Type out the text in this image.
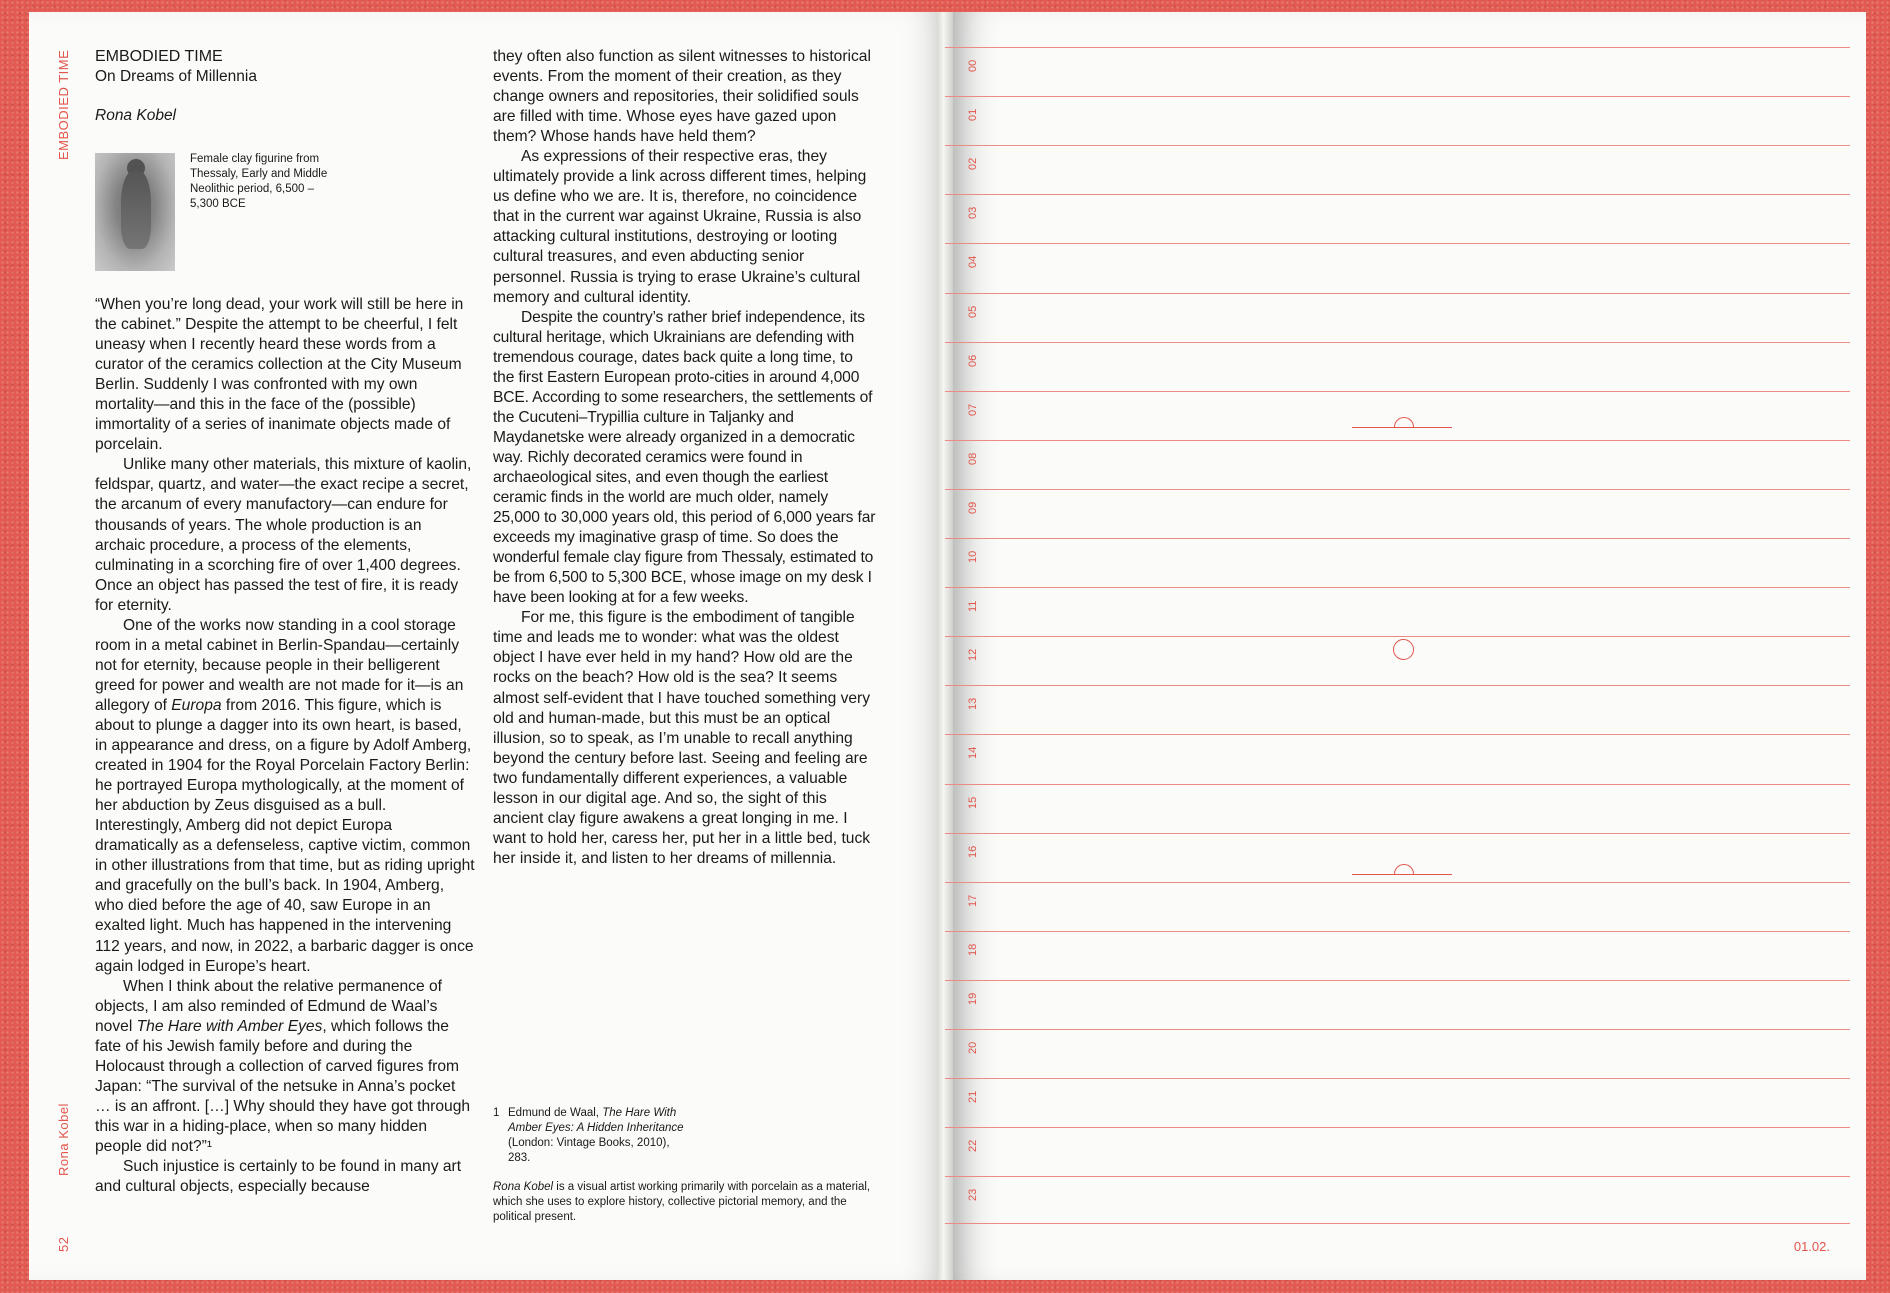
EMBODIED TIME
Rona Kobel
52
EMBODIED TIME
On Dreams of Millennia
Rona Kobel
Female clay figurine from Thessaly, Early and Middle Neolithic period, 6,500 – 5,300 BCE

“When you’re long dead, your work will still be here in the cabinet.” Despite the attempt to be cheerful, I felt uneasy when I recently heard these words from a curator of the ceramics collection at the City Museum Berlin. Suddenly I was confronted with my own mortality—and this in the face of the (possible) immortality of a series of inanimate objects made of porcelain.

Unlike many other materials, this mixture of kaolin, feldspar, quartz, and water—the exact recipe a secret, the arcanum of every manufactory—can endure for thousands of years. The whole production is an archaic procedure, a process of the elements, culminating in a scorching fire of over 1,400 degrees. Once an object has passed the test of fire, it is ready for eternity.

One of the works now standing in a cool storage room in a metal cabinet in Berlin-Spandau—certainly not for eternity, because people in their belligerent greed for power and wealth are not made for it—is an allegory of Europa from 2016. This figure, which is about to plunge a dagger into its own heart, is based, in appearance and dress, on a figure by Adolf Amberg, created in 1904 for the Royal Porcelain Factory Berlin: he portrayed Europa mythologically, at the moment of her abduction by Zeus disguised as a bull. Interestingly, Amberg did not depict Europa dramatically as a defenseless, captive victim, common in other illustrations from that time, but as riding upright and gracefully on the bull’s back. In 1904, Amberg, who died before the age of 40, saw Europe in an exalted light. Much has happened in the intervening 112 years, and now, in 2022, a barbaric dagger is once again lodged in Europe’s heart.

When I think about the relative permanence of objects, I am also reminded of Edmund de Waal’s novel The Hare with Amber Eyes, which follows the fate of his Jewish family before and during the Holocaust through a collection of carved figures from Japan: “The survival of the netsuke in Anna’s pocket … is an affront. […] Why should they have got through this war in a hiding-place, when so many hidden people did not?”¹

Such injustice is certainly to be found in many art and cultural objects, especially because

they often also function as silent witnesses to historical events. From the moment of their creation, as they change owners and repositories, their solidified souls are filled with time. Whose eyes have gazed upon them? Whose hands have held them?

As expressions of their respective eras, they ultimately provide a link across different times, helping us define who we are. It is, therefore, no coincidence that in the current war against Ukraine, Russia is also attacking cultural institutions, destroying or looting cultural treasures, and even abducting senior personnel. Russia is trying to erase Ukraine’s cultural memory and cultural identity.

Despite the country’s rather brief independence, its cultural heritage, which Ukrainians are defending with tremendous courage, dates back quite a long time, to the first Eastern European proto-cities in around 4,000 BCE. According to some researchers, the settlements of the Cucuteni–Trypillia culture in Taljanky and Maydanetske were already organized in a democratic way. Richly decorated ceramics were found in archaeological sites, and even though the earliest ceramic finds in the world are much older, namely 25,000 to 30,000 years old, this period of 6,000 years far exceeds my imaginative grasp of time. So does the wonderful female clay figure from Thessaly, estimated to be from 6,500 to 5,300 BCE, whose image on my desk I have been looking at for a few weeks.

For me, this figure is the embodiment of tangible time and leads me to wonder: what was the oldest object I have ever held in my hand? How old are the rocks on the beach? How old is the sea? It seems almost self-evident that I have touched something very old and human-made, but this must be an optical illusion, so to speak, as I’m unable to recall anything beyond the century before last. Seeing and feeling are two fundamentally different experiences, a valuable lesson in our digital age. And so, the sight of this ancient clay figure awakens a great longing in me. I want to hold her, caress her, put her in a little bed, tuck her inside it, and listen to her dreams of millennia.

1 Edmund de Waal, The Hare With Amber Eyes: A Hidden Inheritance (London: Vintage Books, 2010), 283.
Rona Kobel is a visual artist working primarily with porcelain as a material, which she uses to explore history, collective pictorial memory, and the political present.
00
01
02
03
04
05
06
07
08
09
10
11
12
13
14
15
16
17
18
19
20
21
22
23
01.02.
